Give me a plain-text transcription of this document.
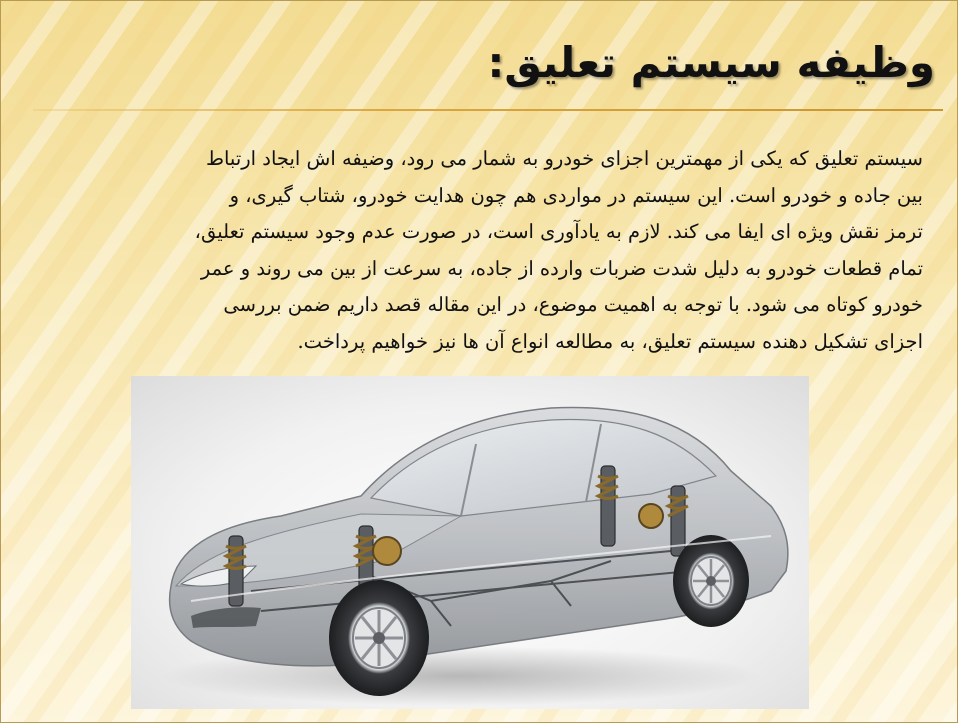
وظیفه سیستم تعلیق:
سیستم تعلیق که یکی از مهمترین اجزای خودرو به شمار می رود، وضیفه اش ایجاد ارتباط
بین جاده و خودرو است. این سیستم در مواردی هم چون هدایت خودرو، شتاب گیری، و
ترمز نقش ویژه ای ایفا می کند. لازم به یادآوری است، در صورت عدم وجود سیستم تعلیق،
تمام قطعات خودرو به دلیل شدت ضربات وارده از جاده، به سرعت از بین می روند و عمر
خودرو کوتاه می شود. با توجه به اهمیت موضوع، در این مقاله قصد داریم ضمن بررسی
اجزای تشکیل دهنده سیستم تعلیق، به مطالعه انواع آن ها نیز خواهیم پرداخت.
